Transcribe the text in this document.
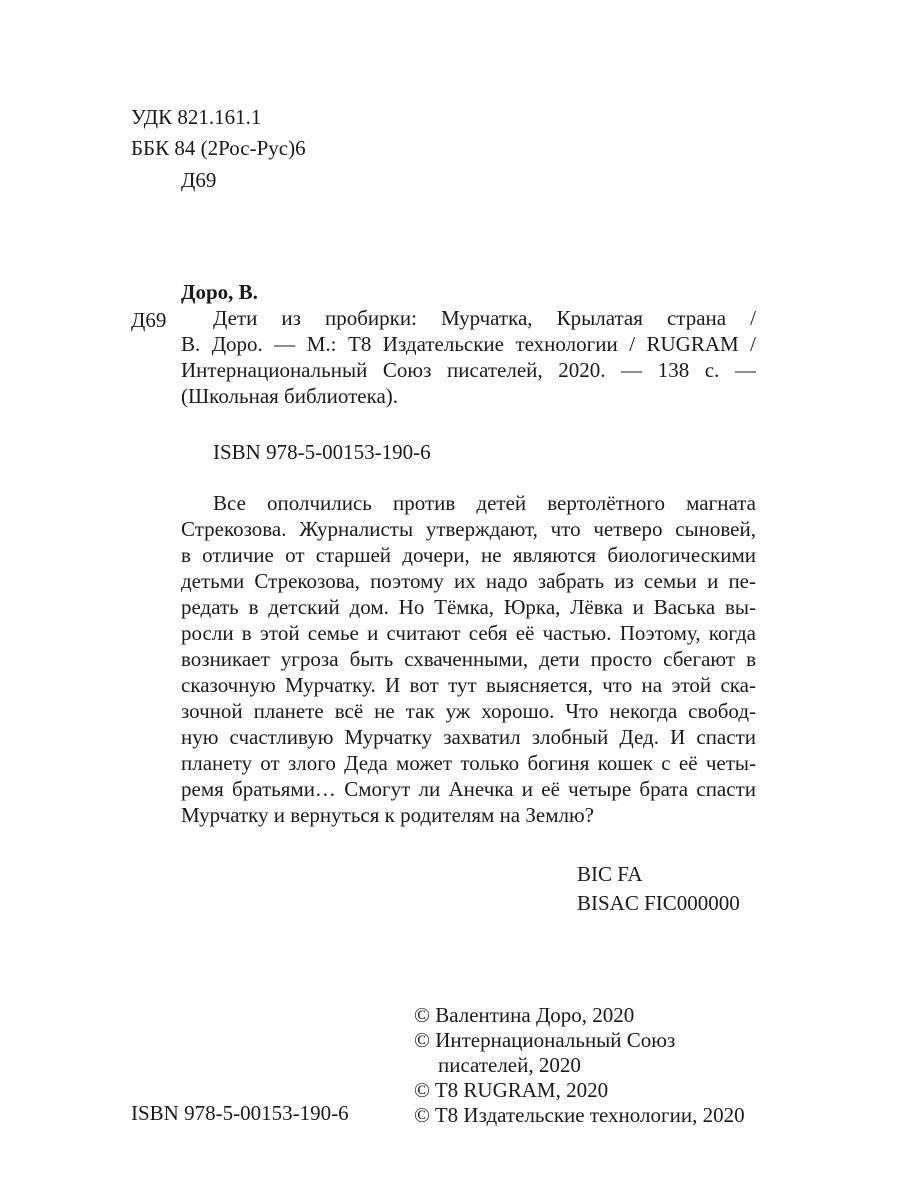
УДК 821.161.1
ББК 84 (2Рос-Рус)6
Д69
Доро, В.
Д69	Дети из пробирки: Мурчатка, Крылатая страна /
В. Доро. — М.: T8 Издательские технологии / RUGRAM /
Интернациональный Союз писателей, 2020. — 138 с. —
(Школьная библиотека).
ISBN 978-5-00153-190-6
Все ополчились против детей вертолётного магната
Стрекозова. Журналисты утверждают, что четверо сыновей,
в отличие от старшей дочери, не являются биологическими
детьми Стрекозова, поэтому их надо забрать из семьи и пе-
редать в детский дом. Но Тёмка, Юрка, Лёвка и Васька вы-
росли в этой семье и считают себя её частью. Поэтому, когда
возникает угроза быть схваченными, дети просто сбегают в
сказочную Мурчатку. И вот тут выясняется, что на этой ска-
зочной планете всё не так уж хорошо. Что некогда свобод-
ную счастливую Мурчатку захватил злобный Дед. И спасти
планету от злого Деда может только богиня кошек с её четы-
ремя братьями… Смогут ли Анечка и её четыре брата спасти
Мурчатку и вернуться к родителям на Землю?
BIC FA
BISAC FIC000000
© Валентина Доро, 2020
© Интернациональный Союз
писателей, 2020
© T8 RUGRAM, 2020
© T8 Издательские технологии, 2020
ISBN 978-5-00153-190-6
